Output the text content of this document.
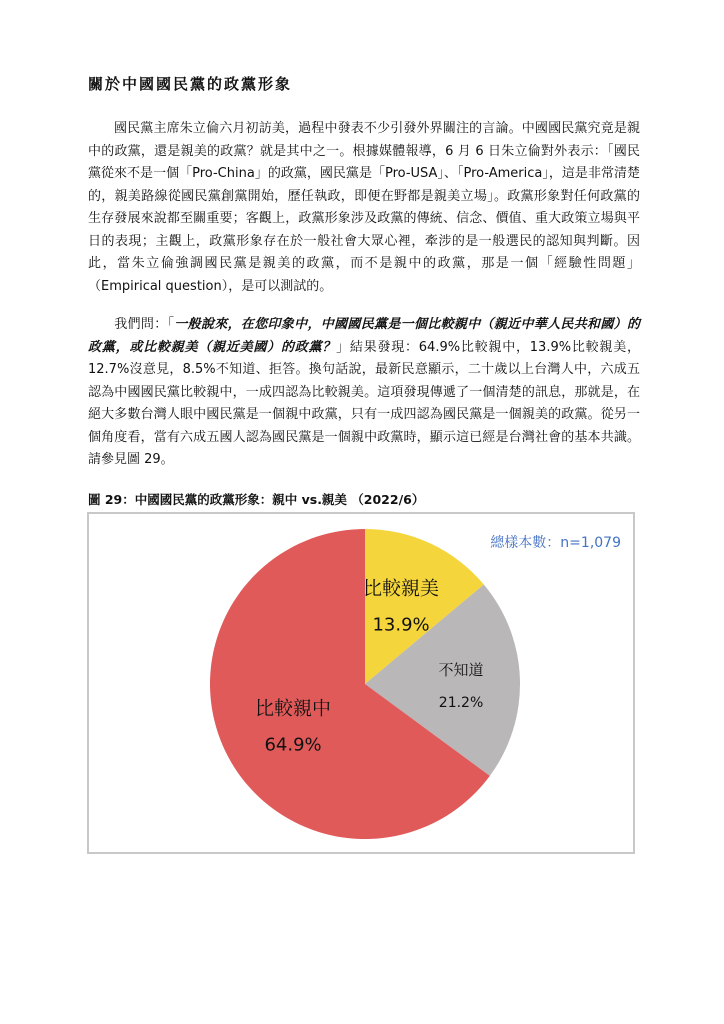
關於中國國民黨的政黨形象

國民黨主席朱立倫六月初訪美，過程中發表不少引發外界關注的言論。中國國民黨究竟是親中的政黨，還是親美的政黨？就是其中之一。根據媒體報導，6 月 6 日朱立倫對外表示：「國民黨從來不是一個「Pro-China」的政黨，國民黨是「Pro-USA」、「Pro-America」，這是非常清楚的，親美路線從國民黨創黨開始，歷任執政，即便在野都是親美立場」。政黨形象對任何政黨的生存發展來說都至關重要；客觀上，政黨形象涉及政黨的傳統、信念、價值、重大政策立場與平日的表現；主觀上，政黨形象存在於一般社會大眾心裡，牽涉的是一般選民的認知與判斷。因此，當朱立倫強調國民黨是親美的政黨，而不是親中的政黨，那是一個「經驗性問題」（Empirical question），是可以測試的。

我們問：「一般說來，在您印象中，中國國民黨是一個比較親中（親近中華人民共和國）的政黨，或比較親美（親近美國）的政黨？」結果發現：64.9%比較親中，13.9%比較親美，12.7%沒意見，8.5%不知道、拒答。換句話說，最新民意顯示，二十歲以上台灣人中，六成五認為中國國民黨比較親中，一成四認為比較親美。這項發現傳遞了一個清楚的訊息，那就是，在絕大多數台灣人眼中國民黨是一個親中政黨，只有一成四認為國民黨是一個親美的政黨。從另一個角度看，當有六成五國人認為國民黨是一個親中政黨時，顯示這已經是台灣社會的基本共識。請參見圖 29。

圖 29：中國國民黨的政黨形象：親中 vs.親美 （2022/6）

比較親美
13.9%
不知道
21.2%
比較親中
64.9%
總樣本數：n=1,079
